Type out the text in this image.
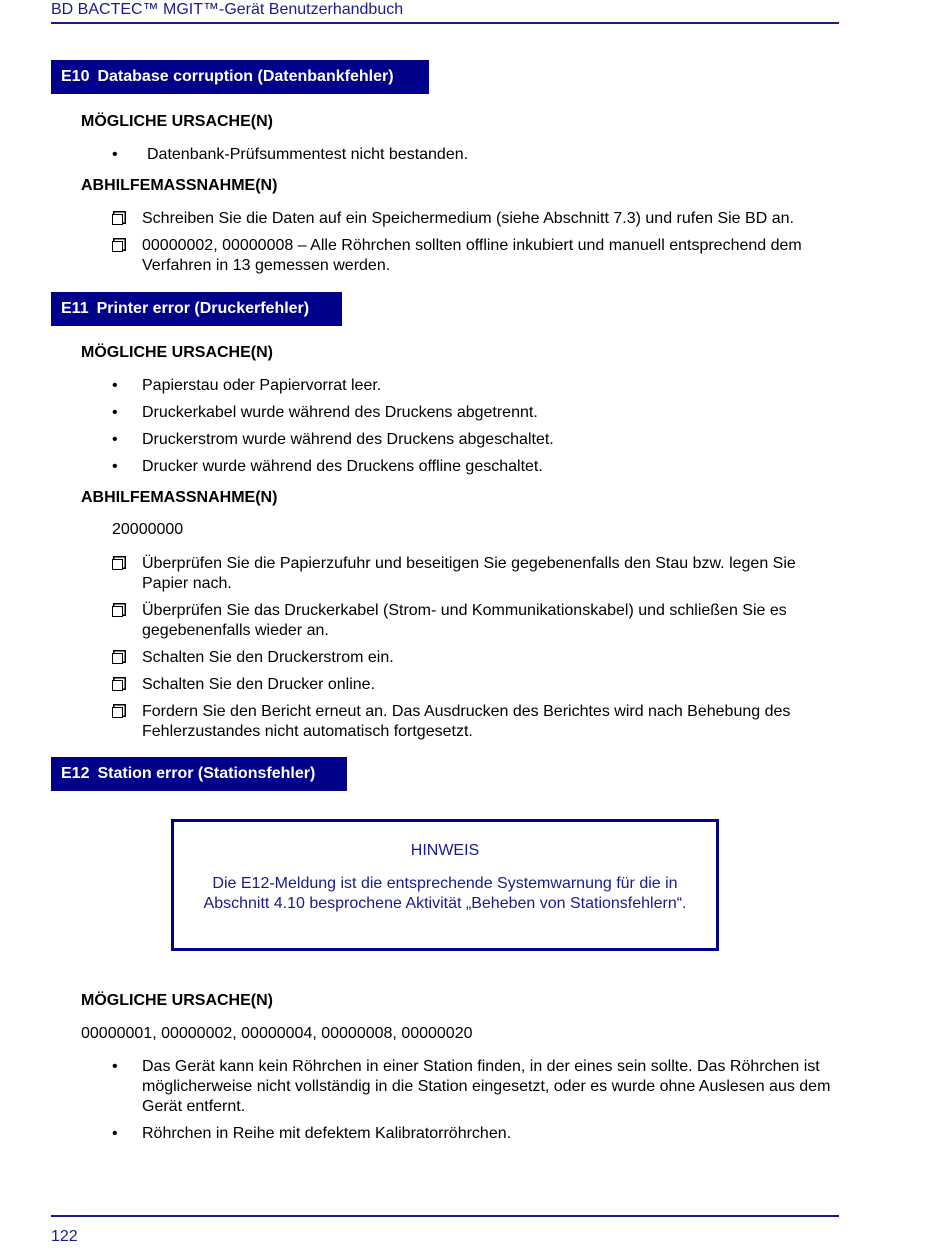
BD BACTEC™ MGIT™-Gerät Benutzerhandbuch
E10 Database corruption (Datenbankfehler)
MÖGLICHE URSACHE(N)
•	Datenbank-Prüfsummentest nicht bestanden.
ABHILFEMASSNAHME(N)
Schreiben Sie die Daten auf ein Speichermedium (siehe Abschnitt 7.3) und rufen Sie BD an.
00000002, 00000008 – Alle Röhrchen sollten offline inkubiert und manuell entsprechend dem Verfahren in 13 gemessen werden.
E11 Printer error (Druckerfehler)
MÖGLICHE URSACHE(N)
•	Papierstau oder Papiervorrat leer.
•	Druckerkabel wurde während des Druckens abgetrennt.
•	Druckerstrom wurde während des Druckens abgeschaltet.
•	Drucker wurde während des Druckens offline geschaltet.
ABHILFEMASSNAHME(N)
20000000
Überprüfen Sie die Papierzufuhr und beseitigen Sie gegebenenfalls den Stau bzw. legen Sie Papier nach.
Überprüfen Sie das Druckerkabel (Strom- und Kommunikationskabel) und schließen Sie es gegebenenfalls wieder an.
Schalten Sie den Druckerstrom ein.
Schalten Sie den Drucker online.
Fordern Sie den Bericht erneut an. Das Ausdrucken des Berichtes wird nach Behebung des Fehlerzustandes nicht automatisch fortgesetzt.
E12 Station error (Stationsfehler)
HINWEIS
Die E12-Meldung ist die entsprechende Systemwarnung für die in Abschnitt 4.10 besprochene Aktivität „Beheben von Stationsfehlern“.
MÖGLICHE URSACHE(N)
00000001, 00000002, 00000004, 00000008, 00000020
•	Das Gerät kann kein Röhrchen in einer Station finden, in der eines sein sollte. Das Röhrchen ist möglicherweise nicht vollständig in die Station eingesetzt, oder es wurde ohne Auslesen aus dem Gerät entfernt.
•	Röhrchen in Reihe mit defektem Kalibratorröhrchen.
122
